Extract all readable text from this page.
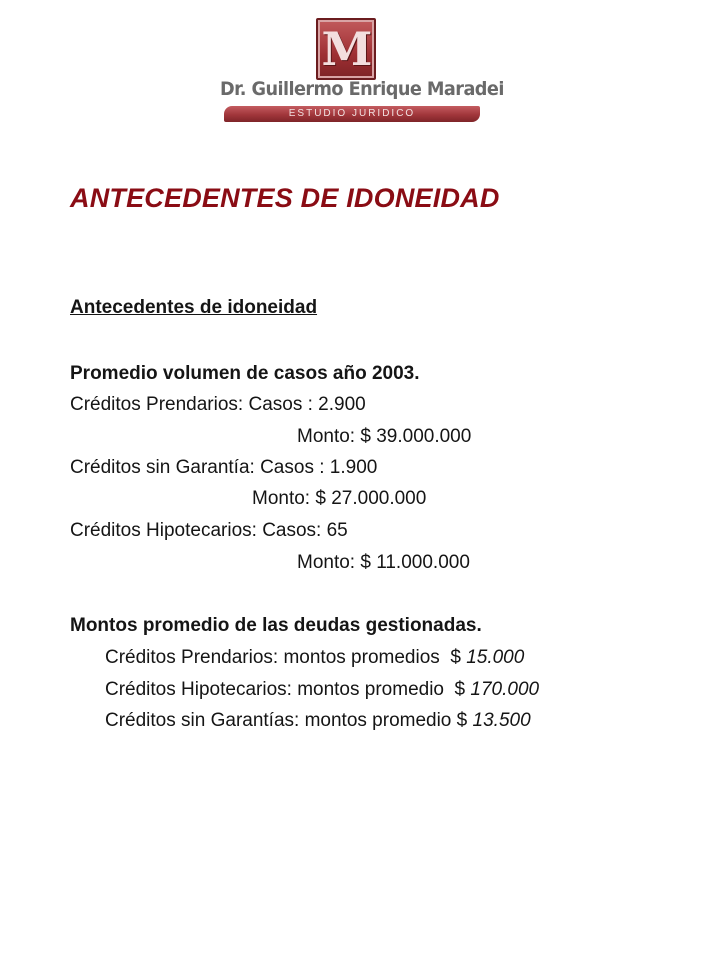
M
Dr. Guillermo Enrique Maradei
ESTUDIO JURIDICO
ANTECEDENTES DE IDONEIDAD
Antecedentes de idoneidad
Promedio volumen de casos año 2003.
Créditos Prendarios: Casos : 2.900
Monto: $ 39.000.000
Créditos sin Garantía: Casos : 1.900
Monto: $ 27.000.000
Créditos Hipotecarios: Casos: 65
Monto: $ 11.000.000
Montos promedio de las deudas gestionadas.
Créditos Prendarios: montos promedios  $ 15.000
Créditos Hipotecarios: montos promedio  $ 170.000
Créditos sin Garantías: montos promedio $ 13.500
